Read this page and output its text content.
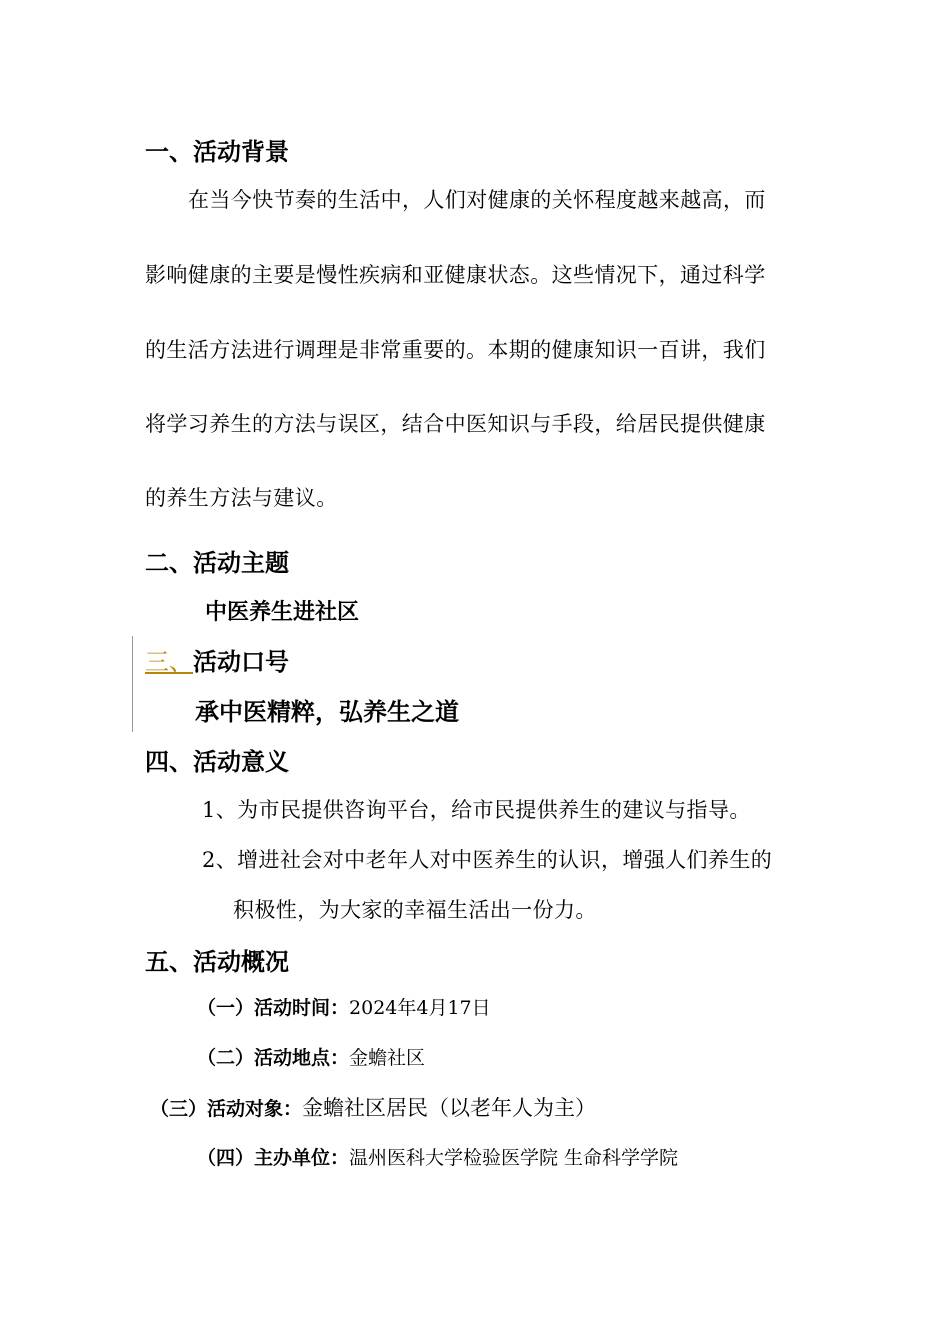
一、活动背景
在当今快节奏的生活中，人们对健康的关怀程度越来越高，而
影响健康的主要是慢性疾病和亚健康状态。这些情况下，通过科学
的生活方法进行调理是非常重要的。本期的健康知识一百讲，我们
将学习养生的方法与误区，结合中医知识与手段，给居民提供健康
的养生方法与建议。
二、活动主题
中医养生进社区
三、活动口号
承中医精粹，弘养生之道
四、活动意义
1、为市民提供咨询平台，给市民提供养生的建议与指导。
2、增进社会对中老年人对中医养生的认识，增强人们养生的
积极性，为大家的幸福生活出一份力。
五、活动概况
（一）活动时间：2024年4月17日
（二）活动地点：金蟾社区
（三）活动对象：金蟾社区居民（以老年人为主）
（四）主办单位：温州医科大学检验医学院 生命科学学院
